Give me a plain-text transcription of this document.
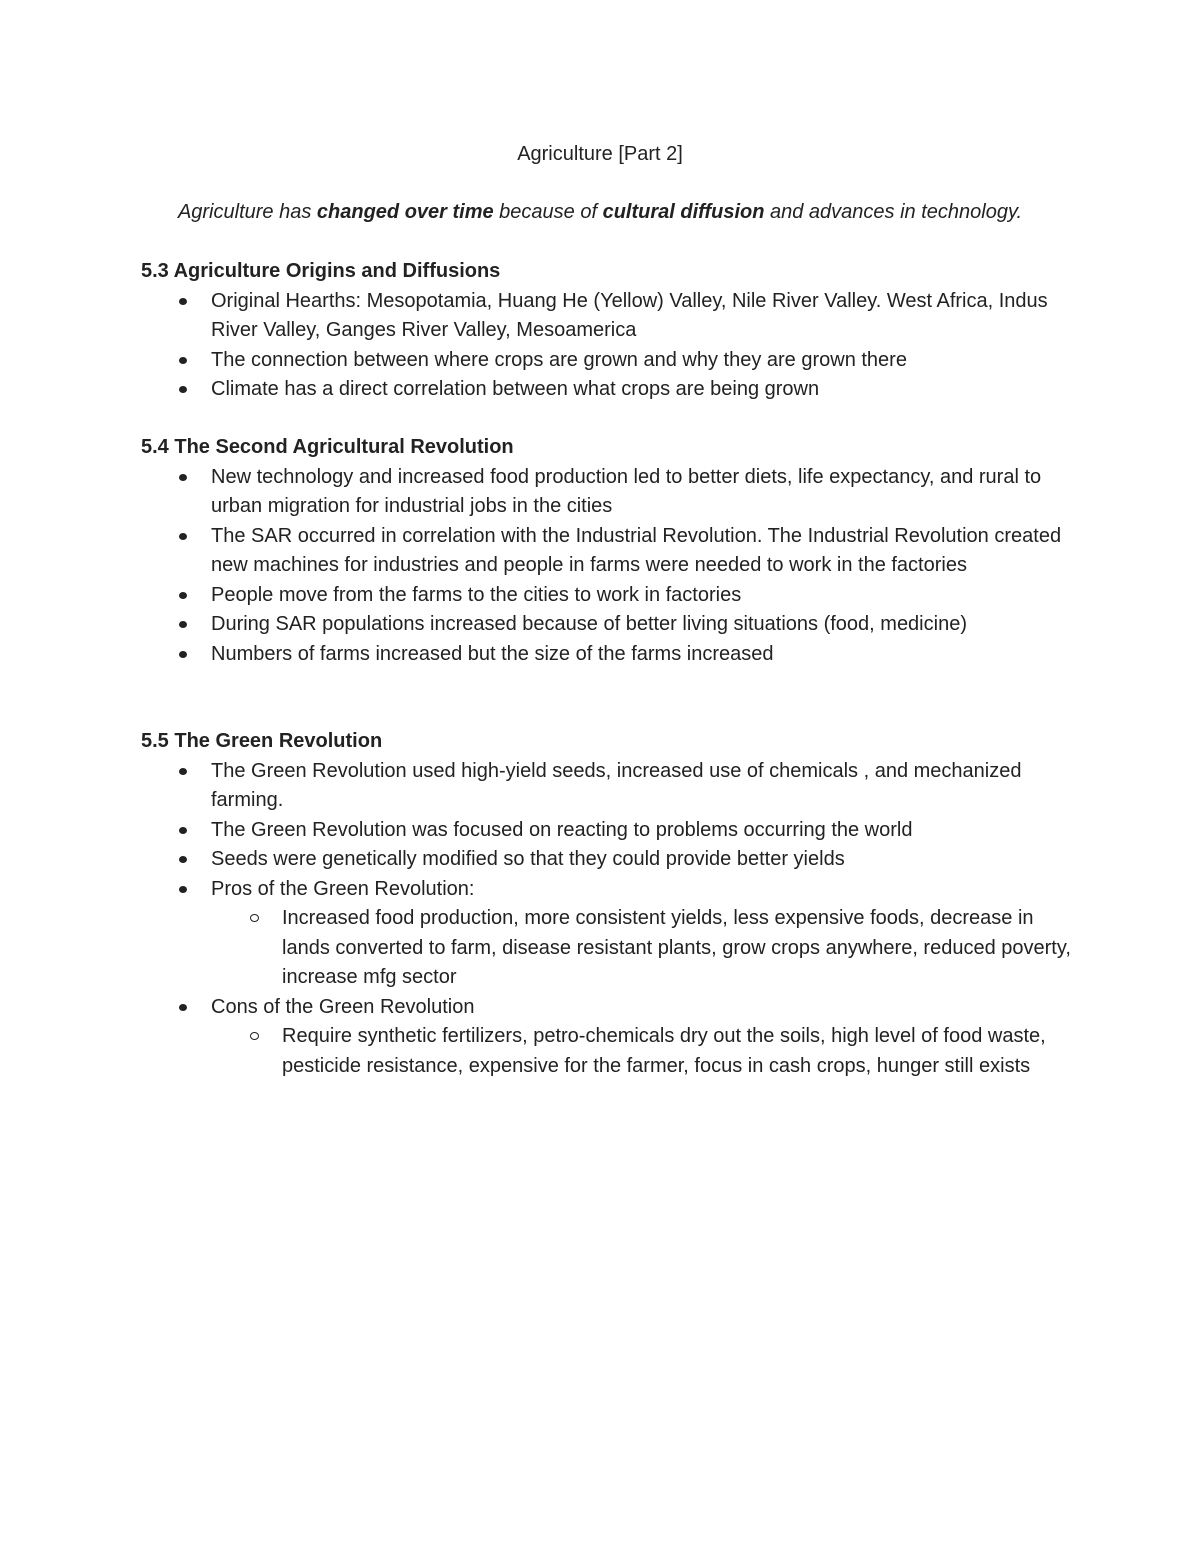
Agriculture [Part 2]

Agriculture has changed over time because of cultural diffusion and advances in technology.

5.3 Agriculture Origins and Diffusions
Original Hearths: Mesopotamia, Huang He (Yellow) Valley, Nile River Valley. West Africa, Indus River Valley, Ganges River Valley, Mesoamerica
The connection between where crops are grown and why they are grown there
Climate has a direct correlation between what crops are being grown
5.4 The Second Agricultural Revolution
New technology and increased food production led to better diets, life expectancy, and rural to urban migration for industrial jobs in the cities
The SAR occurred in correlation with the Industrial Revolution. The Industrial Revolution created new machines for industries and people in farms were needed to work in the factories
People move from the farms to the cities to work in factories
During SAR populations increased because of better living situations (food, medicine)
Numbers of farms increased but the size of the farms increased
5.5 The Green Revolution
The Green Revolution used high-yield seeds, increased use of chemicals , and mechanized farming.
The Green Revolution was focused on reacting to problems occurring the world
Seeds were genetically modified so that they could provide better yields
Pros of the Green Revolution:
Increased food production, more consistent yields, less expensive foods, decrease in lands converted to farm, disease resistant plants, grow crops anywhere, reduced poverty, increase mfg sector
Cons of the Green Revolution
Require synthetic fertilizers, petro-chemicals dry out the soils, high level of food waste, pesticide resistance, expensive for the farmer, focus in cash crops, hunger still exists
